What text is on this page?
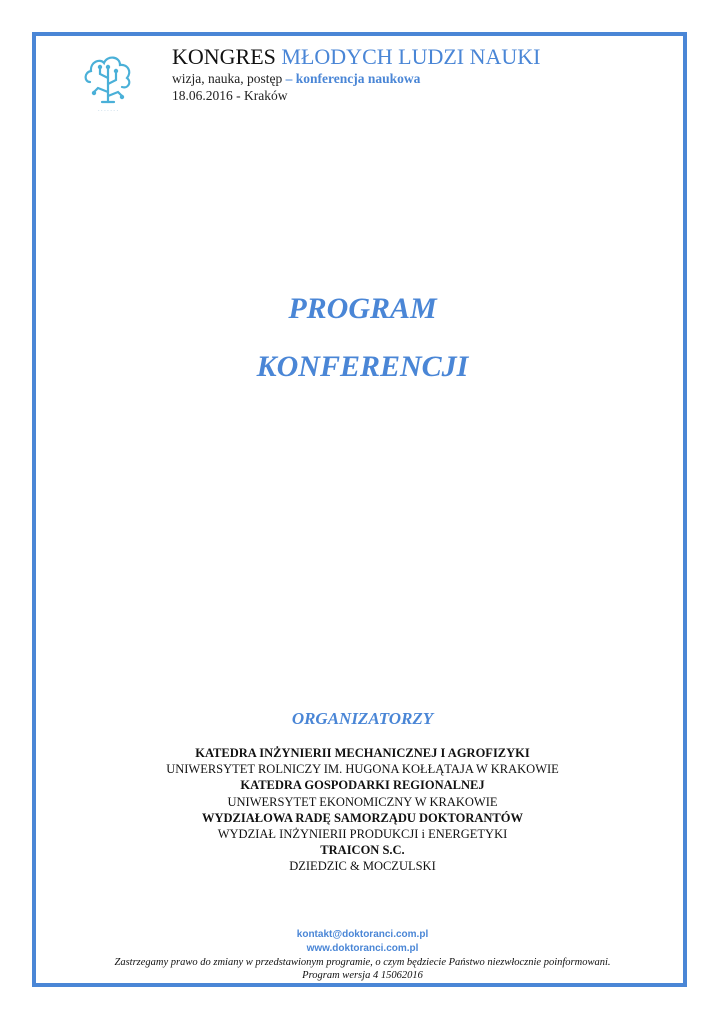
· · · · · · ·
KONGRES MŁODYCH LUDZI NAUKI
wizja, nauka, postęp – konferencja naukowa
18.06.2016 - Kraków
PROGRAM
KONFERENCJI
ORGANIZATORZY
KATEDRA INŻYNIERII MECHANICZNEJ I AGROFIZYKI
UNIWERSYTET ROLNICZY IM. HUGONA KOŁŁĄTAJA W KRAKOWIE
KATEDRA GOSPODARKI REGIONALNEJ
UNIWERSYTET EKONOMICZNY W KRAKOWIE
WYDZIAŁOWA RADĘ SAMORZĄDU DOKTORANTÓW
WYDZIAŁ INŻYNIERII PRODUKCJI i ENERGETYKI
TRAICON S.C.
DZIEDZIC & MOCZULSKI
kontakt@doktoranci.com.pl
www.doktoranci.com.pl
Zastrzegamy prawo do zmiany w przedstawionym programie, o czym będziecie Państwo niezwłocznie poinformowani.
Program wersja 4 15062016
